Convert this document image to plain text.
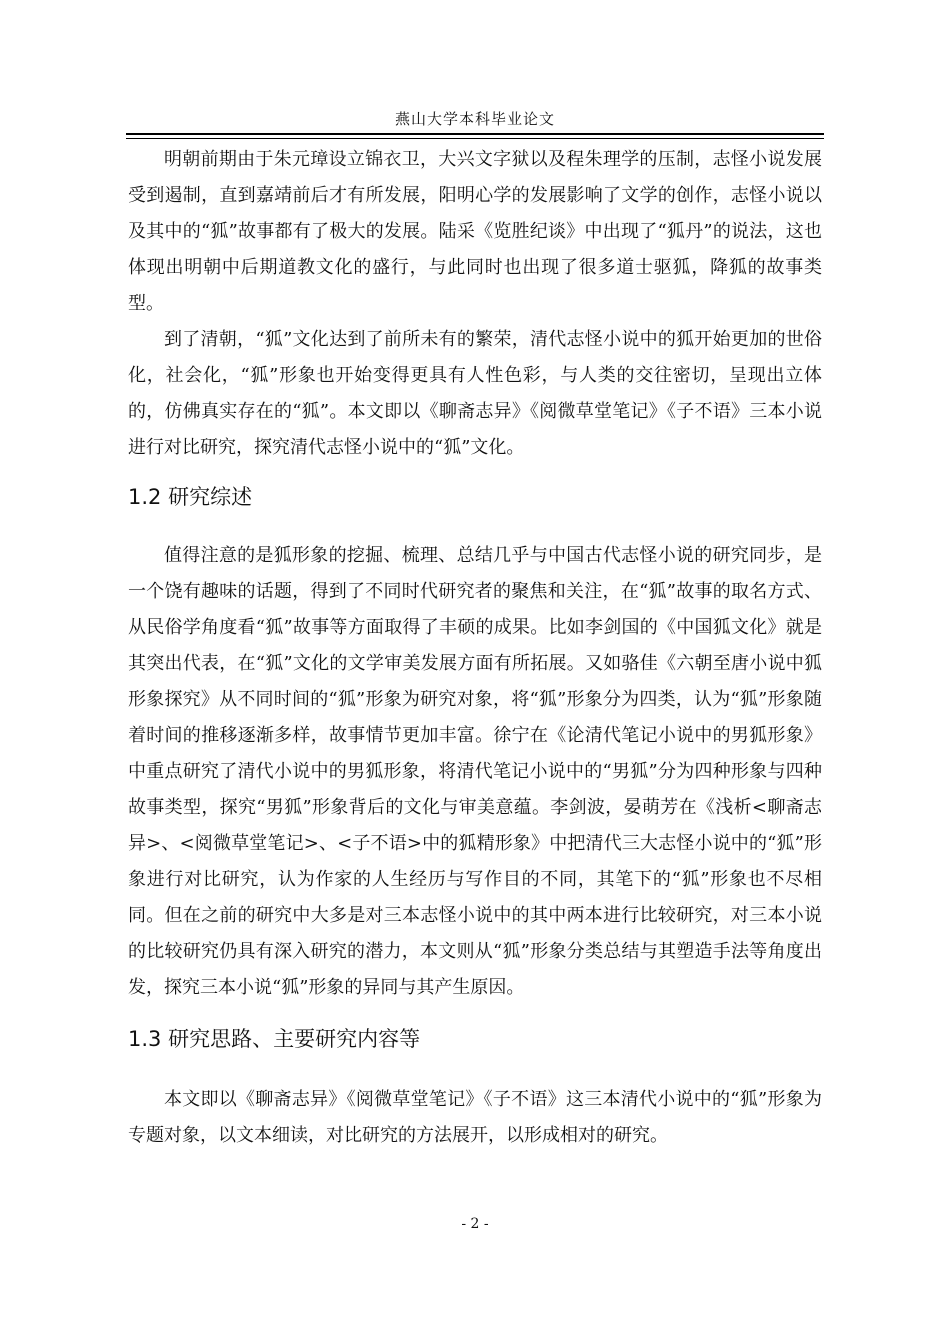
燕山大学本科毕业论文

明朝前期由于朱元璋设立锦衣卫，大兴文字狱以及程朱理学的压制，志怪小说发展受到遏制，直到嘉靖前后才有所发展，阳明心学的发展影响了文学的创作，志怪小说以及其中的“狐”故事都有了极大的发展。陆采《览胜纪谈》中出现了“狐丹”的说法，这也体现出明朝中后期道教文化的盛行，与此同时也出现了很多道士驱狐，降狐的故事类型。

到了清朝，“狐”文化达到了前所未有的繁荣，清代志怪小说中的狐开始更加的世俗化，社会化，“狐”形象也开始变得更具有人性色彩，与人类的交往密切，呈现出立体的，仿佛真实存在的“狐”。本文即以《聊斋志异》《阅微草堂笔记》《子不语》三本小说进行对比研究，探究清代志怪小说中的“狐”文化。

1.2 研究综述

值得注意的是狐形象的挖掘、梳理、总结几乎与中国古代志怪小说的研究同步，是一个饶有趣味的话题，得到了不同时代研究者的聚焦和关注，在“狐”故事的取名方式、从民俗学角度看“狐”故事等方面取得了丰硕的成果。比如李剑国的《中国狐文化》就是其突出代表，在“狐”文化的文学审美发展方面有所拓展。又如骆佳《六朝至唐小说中狐形象探究》从不同时间的“狐”形象为研究对象，将“狐”形象分为四类，认为“狐”形象随着时间的推移逐渐多样，故事情节更加丰富。徐宁在《论清代笔记小说中的男狐形象》中重点研究了清代小说中的男狐形象，将清代笔记小说中的“男狐”分为四种形象与四种故事类型，探究“男狐”形象背后的文化与审美意蕴。李剑波，晏萌芳在《浅析<聊斋志异>、<阅微草堂笔记>、<子不语>中的狐精形象》中把清代三大志怪小说中的“狐”形象进行对比研究，认为作家的人生经历与写作目的不同，其笔下的“狐”形象也不尽相同。但在之前的研究中大多是对三本志怪小说中的其中两本进行比较研究，对三本小说的比较研究仍具有深入研究的潜力，本文则从“狐”形象分类总结与其塑造手法等角度出发，探究三本小说“狐”形象的异同与其产生原因。

1.3 研究思路、主要研究内容等

本文即以《聊斋志异》《阅微草堂笔记》《子不语》这三本清代小说中的“狐”形象为专题对象，以文本细读，对比研究的方法展开，以形成相对的研究。

- 2 -
